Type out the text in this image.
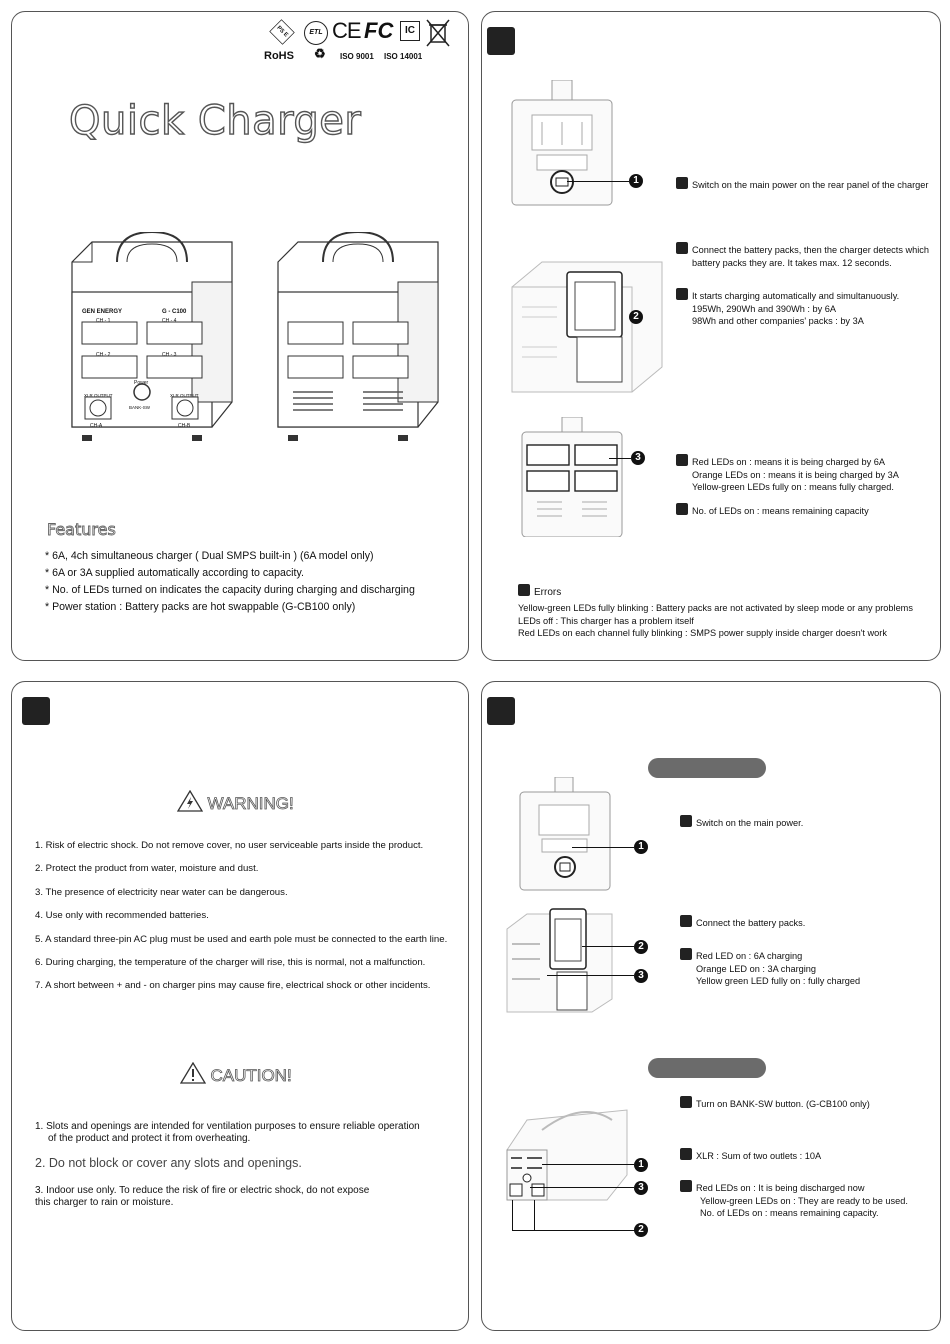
PS E	ETL CE FC	IC
RoHS ♻ ISO 9001 ISO 14001
Quick Charger
GEN ENERGY	G - C100
CH - 1	CH - 4
CH - 2	CH - 3
Power
XLR OUTPUT	XLR OUTPUT
BANK-SW
CH-A	CH-B
Features
* 6A, 4ch simultaneous charger ( Dual SMPS built-in ) (6A model only)
* 6A or 3A supplied automatically according to capacity.
* No. of LEDs turned on indicates the capacity during charging and discharging
* Power station : Battery packs are hot swappable (G-CB100 only)
1	Switch on the main power on the rear panel of the charger
2
Connect the battery packs, then the charger detects which
battery packs they are. It takes max. 12 seconds.
It starts charging automatically and simultanuously.
195Wh, 290Wh and 390Wh : by 6A
98Wh and other companies' packs : by 3A
3	Red LEDs on : means it is being charged by 6A
Orange LEDs on : means it is being charged by 3A
Yellow-green LEDs fully on : means fully charged.
No. of LEDs on : means remaining capacity
Errors
Yellow-green LEDs fully blinking : Battery packs are not activated by sleep mode or any problems
LEDs off : This charger has a problem itself
Red LEDs on each channel fully blinking : SMPS power supply inside charger doesn't work
WARNING!
1. Risk of electric shock. Do not remove cover, no user serviceable parts inside the product.
2. Protect the product from water, moisture and dust.
3. The presence of electricity near water can be dangerous.
4. Use only with recommended batteries.
5. A standard three-pin AC plug must be used and earth pole must be connected to the earth line.
6. During charging, the temperature of the charger will rise, this is normal, not a malfunction.
7. A short between + and - on charger pins may cause fire, electrical shock or other incidents.
CAUTION!
1. Slots and openings are intended for ventilation purposes to ensure reliable operation
of the product and protect it from overheating.
2. Do not block or cover any slots and openings.
3. Indoor use only. To reduce the risk of fire or electric shock, do not expose
this charger to rain or moisture.
1
Switch on the main power.
2
3
Connect the battery packs.
Red LED on : 6A charging
Orange LED on : 3A charging
Yellow green LED fully on : fully charged
1
3
2
Turn on BANK-SW button. (G-CB100 only)
XLR : Sum of two outlets : 10A
Red LEDs on : It is being discharged now
Yellow-green LEDs on : They are ready to be used.
No. of LEDs on : means remaining capacity.
